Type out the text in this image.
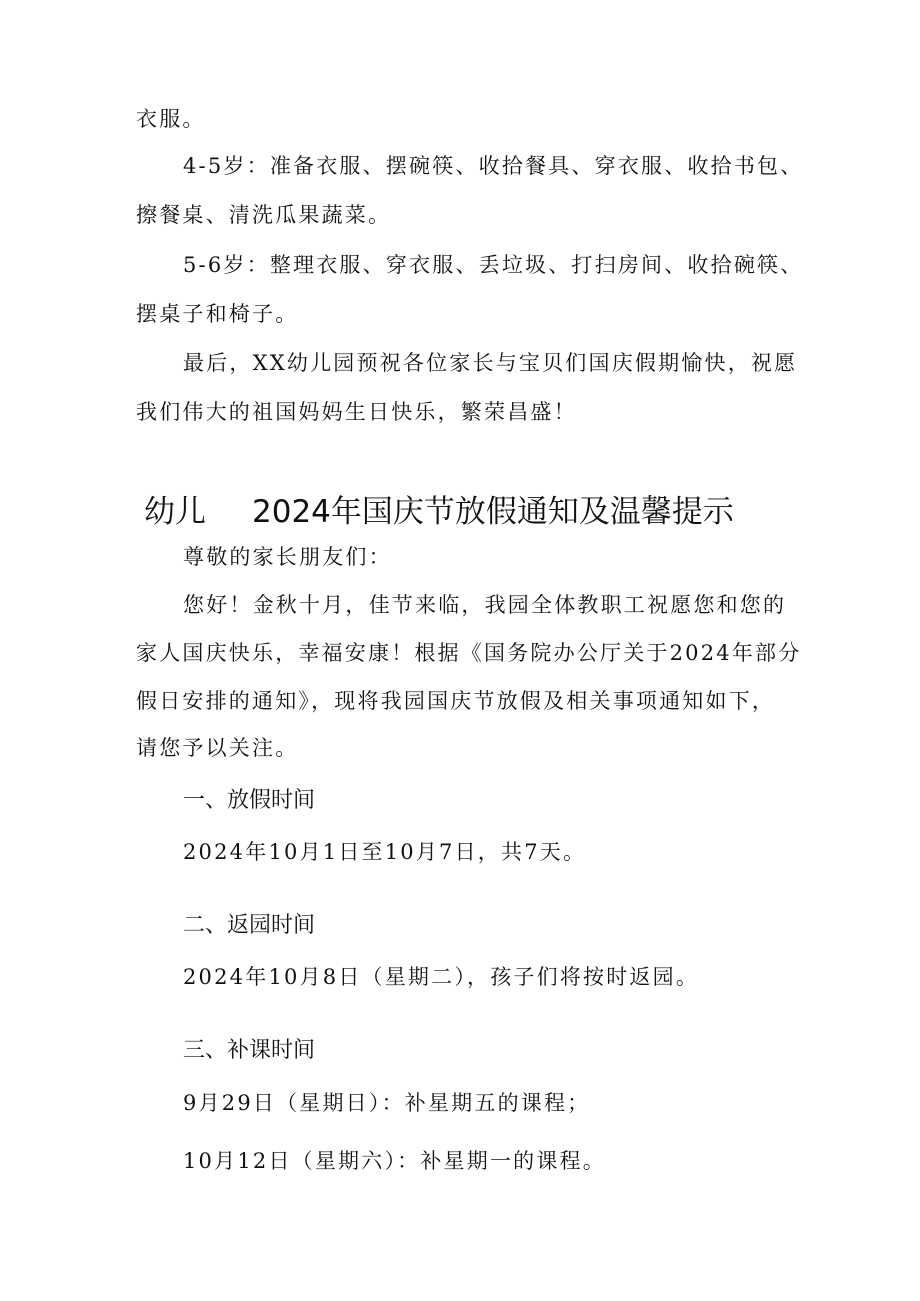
衣服。
4-5岁：准备衣服、摆碗筷、收拾餐具、穿衣服、收拾书包、
擦餐桌、清洗瓜果蔬菜。
5-6岁：整理衣服、穿衣服、丢垃圾、打扫房间、收拾碗筷、
摆桌子和椅子。
最后，XX幼儿园预祝各位家长与宝贝们国庆假期愉快，祝愿
我们伟大的祖国妈妈生日快乐，繁荣昌盛！
幼儿 2024年国庆节放假通知及温馨提示
尊敬的家长朋友们：
您好！金秋十月，佳节来临，我园全体教职工祝愿您和您的
家人国庆快乐，幸福安康！根据《国务院办公厅关于2024年部分
假日安排的通知》，现将我园国庆节放假及相关事项通知如下，
请您予以关注。
一、放假时间
2024年10月1日至10月7日，共7天。
二、返园时间
2024年10月8日（星期二），孩子们将按时返园。
三、补课时间
9月29日（星期日）：补星期五的课程；
10月12日（星期六）：补星期一的课程。
